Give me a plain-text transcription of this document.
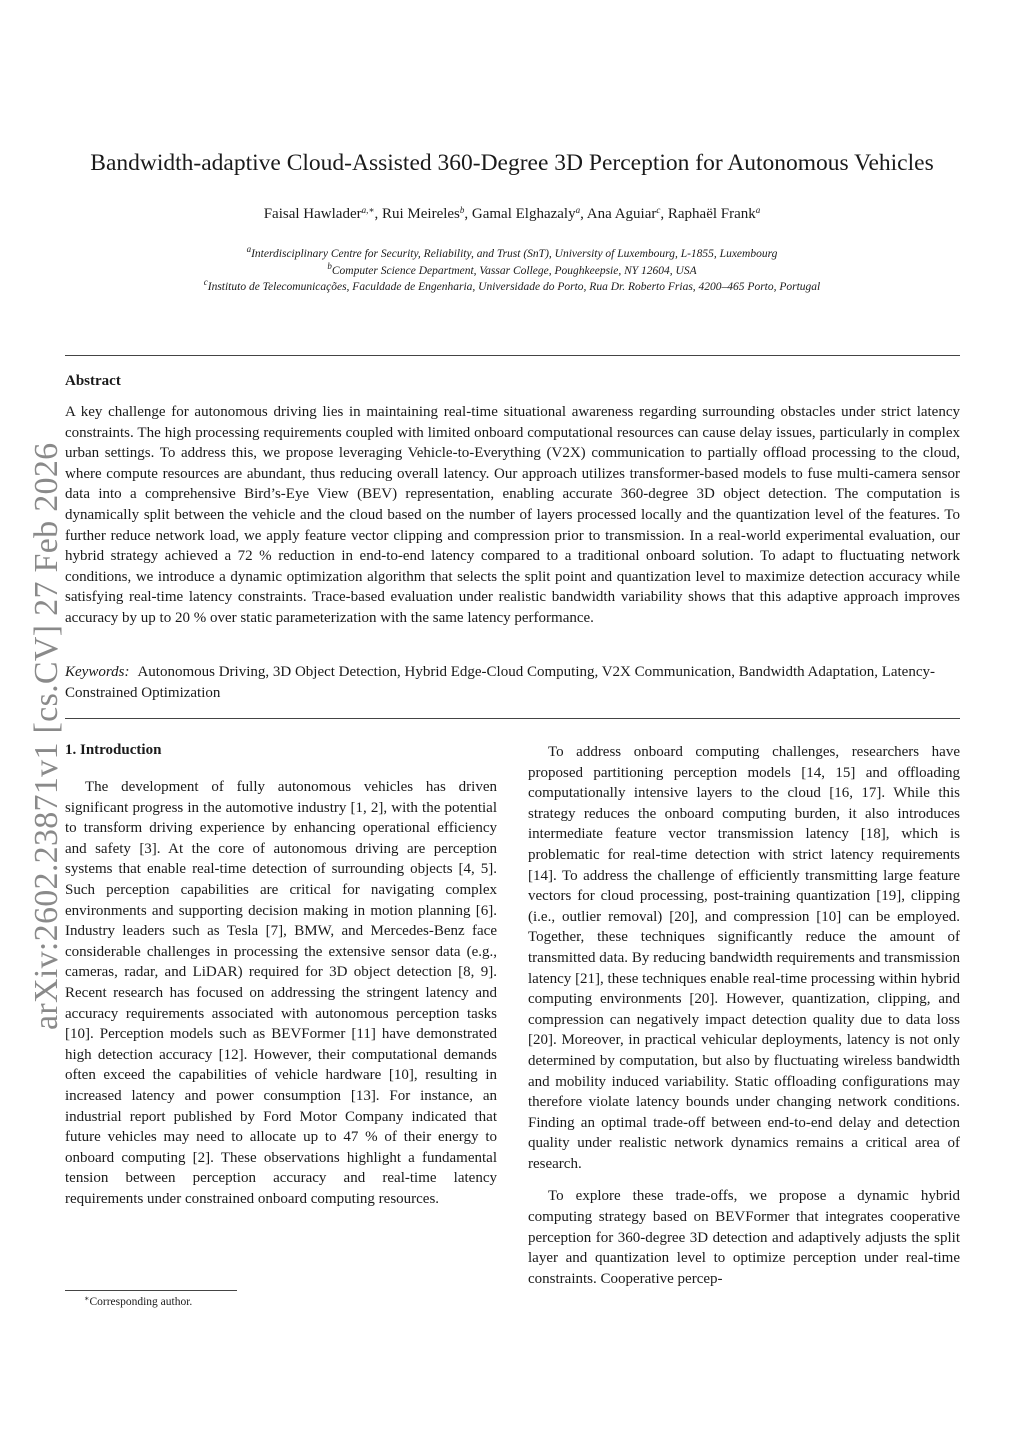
arXiv:2602.23871v1 [cs.CV] 27 Feb 2026
Bandwidth-adaptive Cloud-Assisted 360-Degree 3D Perception for Autonomous Vehicles
Faisal Hawlader$^{a,∗}$, Rui Meireles$^b$, Gamal Elghazaly$^a$, Ana Aguiar$^c$, Raphaël Frank$^a$
$^a$Interdisciplinary Centre for Security, Reliability, and Trust (SnT), University of Luxembourg, L-1855, Luxembourg
$^b$Computer Science Department, Vassar College, Poughkeepsie, NY 12604, USA
$^c$Instituto de Telecomunicações, Faculdade de Engenharia, Universidade do Porto, Rua Dr. Roberto Frias, 4200–465 Porto, Portugal
Abstract
A key challenge for autonomous driving lies in maintaining real-time situational awareness regarding surrounding obstacles under strict latency constraints. The high processing requirements coupled with limited onboard computational resources can cause delay issues, particularly in complex urban settings. To address this, we propose leveraging Vehicle-to-Everything (V2X) communication to partially offload processing to the cloud, where compute resources are abundant, thus reducing overall latency. Our approach utilizes transformer-based models to fuse multi-camera sensor data into a comprehensive Bird’s-Eye View (BEV) representation, enabling accurate 360-degree 3D object detection. The computation is dynamically split between the vehicle and the cloud based on the number of layers processed locally and the quantization level of the features. To further reduce network load, we apply feature vector clipping and compression prior to transmission. In a real-world experimental evaluation, our hybrid strategy achieved a 72 % reduction in end-to-end latency compared to a traditional onboard solution. To adapt to fluctuating network conditions, we introduce a dynamic optimization algorithm that selects the split point and quantization level to maximize detection accuracy while satisfying real-time latency constraints. Trace-based evaluation under realistic bandwidth variability shows that this adaptive approach improves accuracy by up to 20 % over static parameterization with the same latency performance.
Keywords: Autonomous Driving, 3D Object Detection, Hybrid Edge-Cloud Computing, V2X Communication, Bandwidth Adaptation, Latency-Constrained Optimization
1. Introduction

The development of fully autonomous vehicles has driven significant progress in the automotive industry [1, 2], with the potential to transform driving experience by enhancing operational efficiency and safety [3]. At the core of autonomous driving are perception systems that enable real-time detection of surrounding objects [4, 5]. Such perception capabilities are critical for navigating complex environments and supporting decision making in motion planning [6]. Industry leaders such as Tesla [7], BMW, and Mercedes-Benz face considerable challenges in processing the extensive sensor data (e.g., cameras, radar, and LiDAR) required for 3D object detection [8, 9]. Recent research has focused on addressing the stringent latency and accuracy requirements associated with autonomous perception tasks [10]. Perception models such as BEVFormer [11] have demonstrated high detection accuracy [12]. However, their computational demands often exceed the capabilities of vehicle hardware [10], resulting in increased latency and power consumption [13]. For instance, an industrial report published by Ford Motor Company indicated that future vehicles may need to allocate up to 47 % of their energy to onboard computing [2]. These observations highlight a fundamental tension between perception accuracy and real-time latency requirements under constrained onboard computing resources.

To address onboard computing challenges, researchers have proposed partitioning perception models [14, 15] and offloading computationally intensive layers to the cloud [16, 17]. While this strategy reduces the onboard computing burden, it also introduces intermediate feature vector transmission latency [18], which is problematic for real-time detection with strict latency requirements [14]. To address the challenge of efficiently transmitting large feature vectors for cloud processing, post-training quantization [19], clipping (i.e., outlier removal) [20], and compression [10] can be employed. Together, these techniques significantly reduce the amount of transmitted data. By reducing bandwidth requirements and transmission latency [21], these techniques enable real-time processing within hybrid computing environments [20]. However, quantization, clipping, and compression can negatively impact detection quality due to data loss [20]. Moreover, in practical vehicular deployments, latency is not only determined by computation, but also by fluctuating wireless bandwidth and mobility induced variability. Static offloading configurations may therefore violate latency bounds under changing network conditions. Finding an optimal trade-off between end-to-end delay and detection quality under realistic network dynamics remains a critical area of research.

To explore these trade-offs, we propose a dynamic hybrid computing strategy based on BEVFormer that integrates cooperative perception for 360-degree 3D detection and adaptively adjusts the split layer and quantization level to optimize perception under real-time constraints. Cooperative percep-

∗Corresponding author.
